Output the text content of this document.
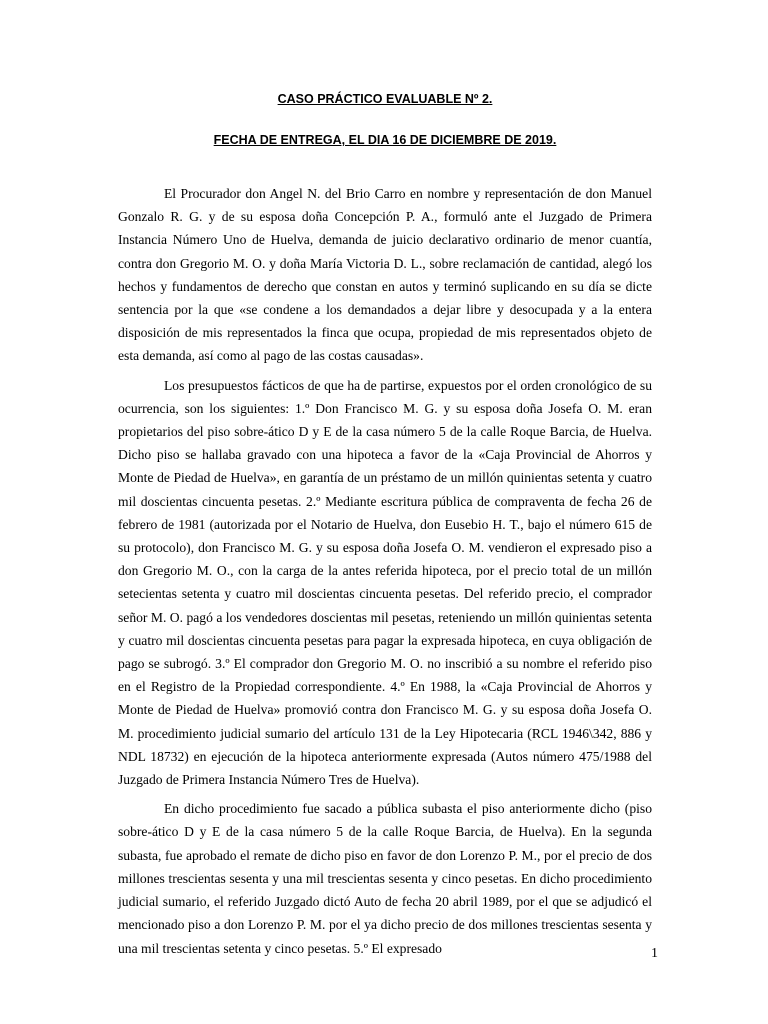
CASO PRÁCTICO EVALUABLE Nº 2.
FECHA DE ENTREGA, EL DIA 16 DE DICIEMBRE DE 2019.

El Procurador don Angel N. del Brio Carro en nombre y representación de don Manuel Gonzalo R. G. y de su esposa doña Concepción P. A., formuló ante el Juzgado de Primera Instancia Número Uno de Huelva, demanda de juicio declarativo ordinario de menor cuantía, contra don Gregorio M. O. y doña María Victoria D. L., sobre reclamación de cantidad, alegó los hechos y fundamentos de derecho que constan en autos y terminó suplicando en su día se dicte sentencia por la que «se condene a los demandados a dejar libre y desocupada y a la entera disposición de mis representados la finca que ocupa, propiedad de mis representados objeto de esta demanda, así como al pago de las costas causadas».

Los presupuestos fácticos de que ha de partirse, expuestos por el orden cronológico de su ocurrencia, son los siguientes: 1.º Don Francisco M. G. y su esposa doña Josefa O. M. eran propietarios del piso sobre-ático D y E de la casa número 5 de la calle Roque Barcia, de Huelva. Dicho piso se hallaba gravado con una hipoteca a favor de la «Caja Provincial de Ahorros y Monte de Piedad de Huelva», en garantía de un préstamo de un millón quinientas setenta y cuatro mil doscientas cincuenta pesetas. 2.º Mediante escritura pública de compraventa de fecha 26 de febrero de 1981 (autorizada por el Notario de Huelva, don Eusebio H. T., bajo el número 615 de su protocolo), don Francisco M. G. y su esposa doña Josefa O. M. vendieron el expresado piso a don Gregorio M. O., con la carga de la antes referida hipoteca, por el precio total de un millón setecientas setenta y cuatro mil doscientas cincuenta pesetas. Del referido precio, el comprador señor M. O. pagó a los vendedores doscientas mil pesetas, reteniendo un millón quinientas setenta y cuatro mil doscientas cincuenta pesetas para pagar la expresada hipoteca, en cuya obligación de pago se subrogó. 3.º El comprador don Gregorio M. O. no inscribió a su nombre el referido piso en el Registro de la Propiedad correspondiente. 4.º En 1988, la «Caja Provincial de Ahorros y Monte de Piedad de Huelva» promovió contra don Francisco M. G. y su esposa doña Josefa O. M. procedimiento judicial sumario del artículo 131 de la Ley Hipotecaria (RCL 1946\342, 886 y NDL 18732) en ejecución de la hipoteca anteriormente expresada (Autos número 475/1988 del Juzgado de Primera Instancia Número Tres de Huelva).

En dicho procedimiento fue sacado a pública subasta el piso anteriormente dicho (piso sobre-ático D y E de la casa número 5 de la calle Roque Barcia, de Huelva). En la segunda subasta, fue aprobado el remate de dicho piso en favor de don Lorenzo P. M., por el precio de dos millones trescientas sesenta y una mil trescientas sesenta y cinco pesetas. En dicho procedimiento judicial sumario, el referido Juzgado dictó Auto de fecha 20 abril 1989, por el que se adjudicó el mencionado piso a don Lorenzo P. M. por el ya dicho precio de dos millones trescientas sesenta y una mil trescientas setenta y cinco pesetas. 5.º El expresado	1
